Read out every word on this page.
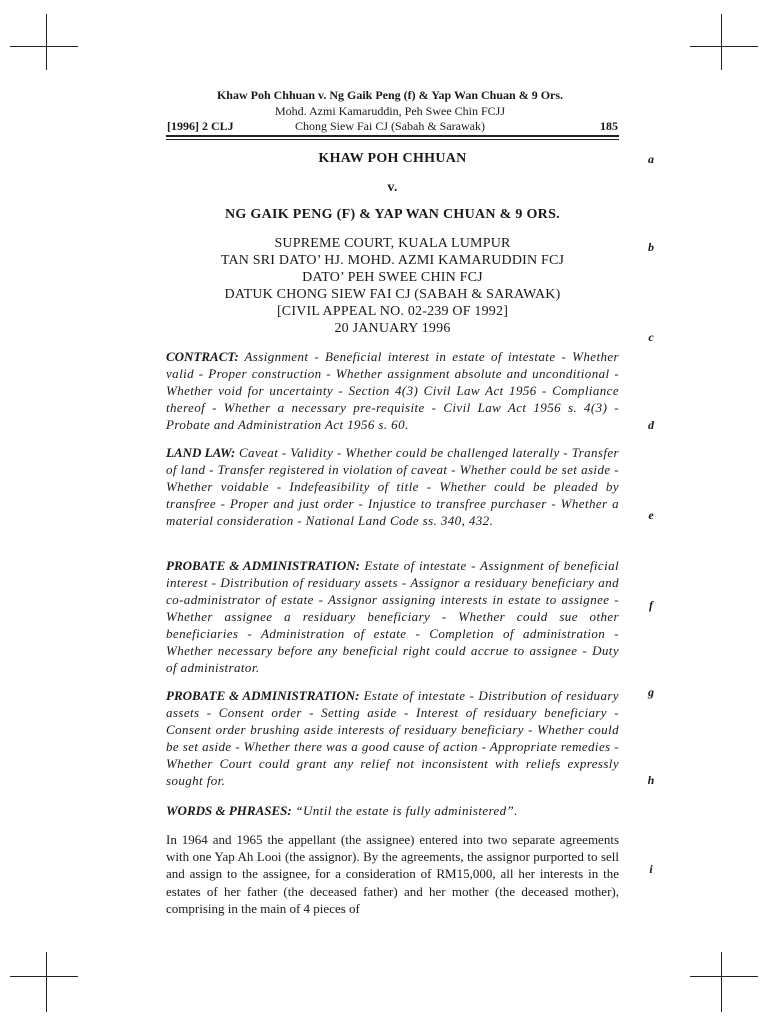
Khaw Poh Chhuan v. Ng Gaik Peng (f) & Yap Wan Chuan & 9 Ors.
Mohd. Azmi Kamaruddin, Peh Swee Chin FCJJ
Chong Siew Fai CJ (Sabah & Sarawak)
[1996] 2 CLJ	185
KHAW POH CHHUAN
v.
NG GAIK PENG (F) & YAP WAN CHUAN & 9 ORS.
SUPREME COURT, KUALA LUMPUR
TAN SRI DATO’ HJ. MOHD. AZMI KAMARUDDIN FCJ
DATO’ PEH SWEE CHIN FCJ
DATUK CHONG SIEW FAI CJ (SABAH & SARAWAK)
[CIVIL APPEAL NO. 02-239 OF 1992]
20 JANUARY 1996
CONTRACT: Assignment - Beneficial interest in estate of intestate - Whether valid - Proper construction - Whether assignment absolute and unconditional - Whether void for uncertainty - Section 4(3) Civil Law Act 1956 - Compliance thereof - Whether a necessary pre-requisite - Civil Law Act 1956 s. 4(3) - Probate and Administration Act 1956 s. 60.
LAND LAW: Caveat - Validity - Whether could be challenged laterally - Transfer of land - Transfer registered in violation of caveat - Whether could be set aside - Whether voidable - Indefeasibility of title - Whether could be pleaded by transfree - Proper and just order - Injustice to transfree purchaser - Whether a material consideration - National Land Code ss. 340, 432.
PROBATE & ADMINISTRATION: Estate of intestate - Assignment of beneficial interest - Distribution of residuary assets - Assignor a residuary beneficiary and co-administrator of estate - Assignor assigning interests in estate to assignee - Whether assignee a residuary beneficiary - Whether could sue other beneficiaries - Administration of estate - Completion of administration - Whether necessary before any beneficial right could accrue to assignee - Duty of administrator.
PROBATE & ADMINISTRATION: Estate of intestate - Distribution of residuary assets - Consent order - Setting aside - Interest of residuary beneficiary - Consent order brushing aside interests of residuary beneficiary - Whether could be set aside - Whether there was a good cause of action - Appropriate remedies - Whether Court could grant any relief not inconsistent with reliefs expressly sought for.
WORDS & PHRASES: “Until the estate is fully administered”.
In 1964 and 1965 the appellant (the assignee) entered into two separate agreements with one Yap Ah Looi (the assignor). By the agreements, the assignor purported to sell and assign to the assignee, for a consideration of RM15,000, all her interests in the estates of her father (the deceased father) and her mother (the deceased mother), comprising in the main of 4 pieces of
a
b
c
d
e
f
g
h
i
